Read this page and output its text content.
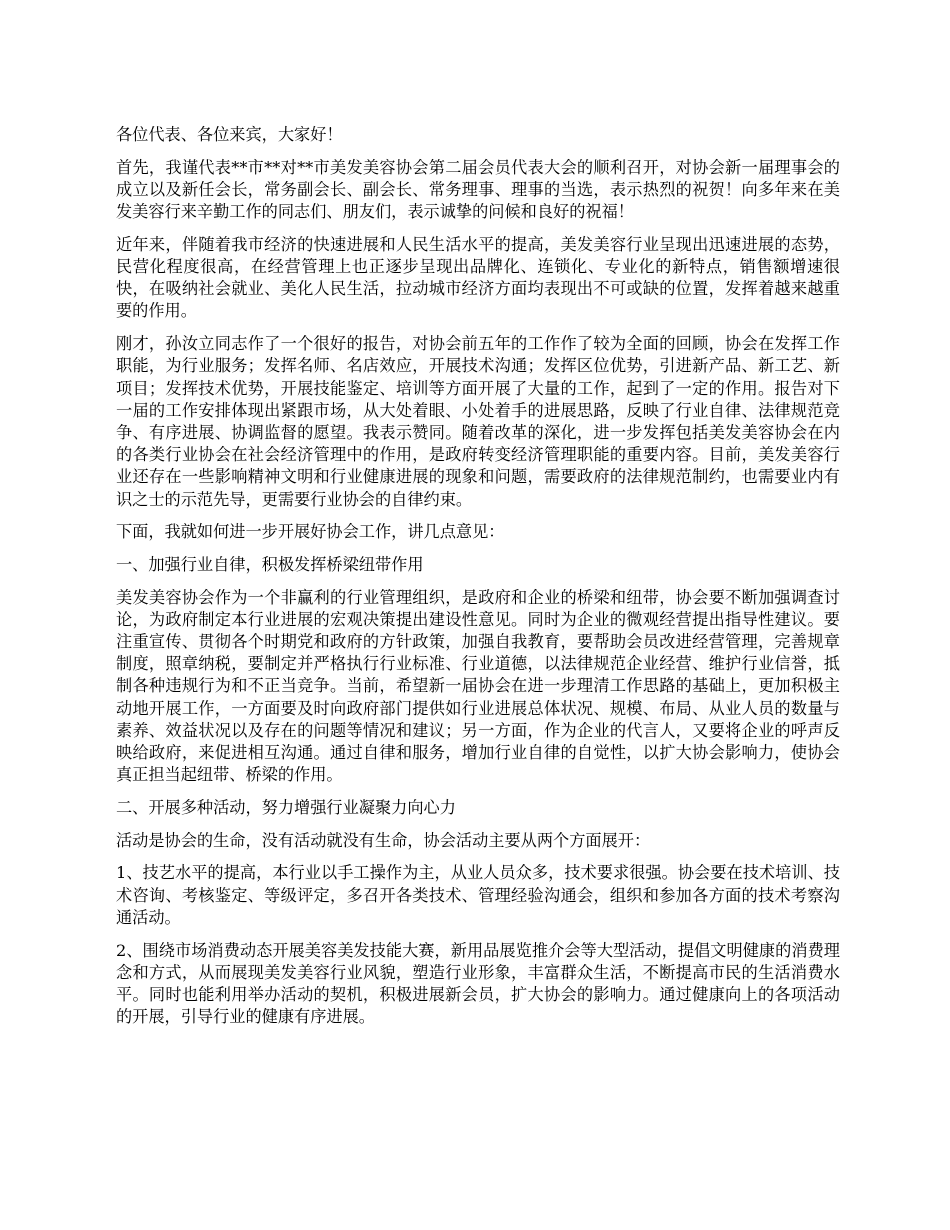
各位代表、各位来宾，大家好！

首先，我谨代表**市**对**市美发美容协会第二届会员代表大会的顺利召开，对协会新一届理事会的成立以及新任会长，常务副会长、副会长、常务理事、理事的当选，表示热烈的祝贺！向多年来在美发美容行来辛勤工作的同志们、朋友们，表示诚挚的问候和良好的祝福！

近年来，伴随着我市经济的快速进展和人民生活水平的提高，美发美容行业呈现出迅速进展的态势，民营化程度很高，在经营管理上也正逐步呈现出品牌化、连锁化、专业化的新特点，销售额增速很快，在吸纳社会就业、美化人民生活，拉动城市经济方面均表现出不可或缺的位置，发挥着越来越重要的作用。

刚才，孙汝立同志作了一个很好的报告，对协会前五年的工作作了较为全面的回顾，协会在发挥工作职能，为行业服务；发挥名师、名店效应，开展技术沟通；发挥区位优势，引进新产品、新工艺、新项目；发挥技术优势，开展技能鉴定、培训等方面开展了大量的工作，起到了一定的作用。报告对下一届的工作安排体现出紧跟市场，从大处着眼、小处着手的进展思路，反映了行业自律、法律规范竞争、有序进展、协调监督的愿望。我表示赞同。随着改革的深化，进一步发挥包括美发美容协会在内的各类行业协会在社会经济管理中的作用，是政府转变经济管理职能的重要内容。目前，美发美容行业还存在一些影响精神文明和行业健康进展的现象和问题，需要政府的法律规范制约，也需要业内有识之士的示范先导，更需要行业协会的自律约束。

下面，我就如何进一步开展好协会工作，讲几点意见：

一、加强行业自律，积极发挥桥梁纽带作用

美发美容协会作为一个非赢利的行业管理组织，是政府和企业的桥梁和纽带，协会要不断加强调查讨论，为政府制定本行业进展的宏观决策提出建设性意见。同时为企业的微观经营提出指导性建议。要注重宣传、贯彻各个时期党和政府的方针政策，加强自我教育，要帮助会员改进经营管理，完善规章制度，照章纳税，要制定并严格执行行业标准、行业道德，以法律规范企业经营、维护行业信誉，抵制各种违规行为和不正当竞争。当前，希望新一届协会在进一步理清工作思路的基础上，更加积极主动地开展工作，一方面要及时向政府部门提供如行业进展总体状况、规模、布局、从业人员的数量与素养、效益状况以及存在的问题等情况和建议；另一方面，作为企业的代言人，又要将企业的呼声反映给政府，来促进相互沟通。通过自律和服务，增加行业自律的自觉性，以扩大协会影响力，使协会真正担当起纽带、桥梁的作用。

二、开展多种活动，努力增强行业凝聚力向心力

活动是协会的生命，没有活动就没有生命，协会活动主要从两个方面展开：

1、技艺水平的提高，本行业以手工操作为主，从业人员众多，技术要求很强。协会要在技术培训、技术咨询、考核鉴定、等级评定，多召开各类技术、管理经验沟通会，组织和参加各方面的技术考察沟通活动。

2、围绕市场消费动态开展美容美发技能大赛，新用品展览推介会等大型活动，提倡文明健康的消费理念和方式，从而展现美发美容行业风貌，塑造行业形象，丰富群众生活，不断提高市民的生活消费水平。同时也能利用举办活动的契机，积极进展新会员，扩大协会的影响力。通过健康向上的各项活动的开展，引导行业的健康有序进展。
